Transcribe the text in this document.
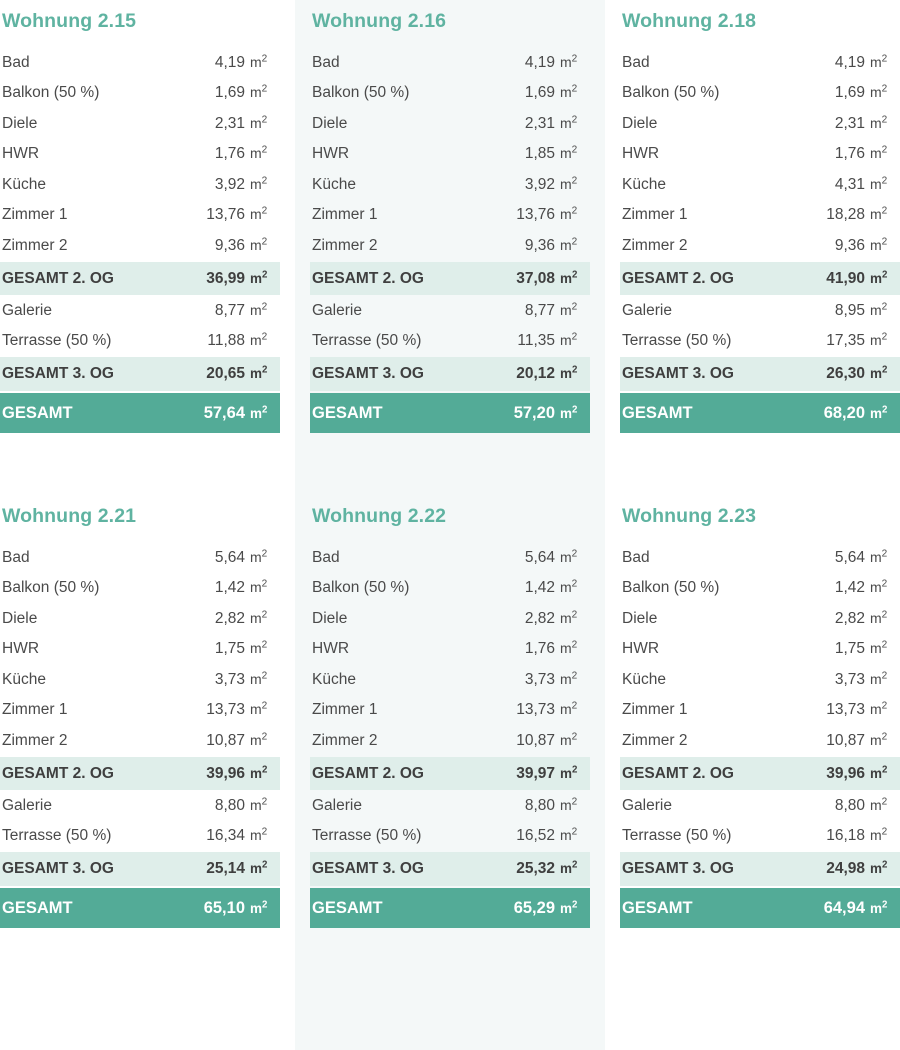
Wohnung 2.15
Bad	4,19 $m^2$
Balkon (50 %)	1,69 $m^2$
Diele	2,31 $m^2$
HWR	1,76 $m^2$
Küche	3,92 $m^2$
Zimmer 1	13,76 $m^2$
Zimmer 2	9,36 $m^2$
GESAMT 2. OG	36,99 $m^2$
Galerie	8,77 $m^2$
Terrasse (50 %)	11,88 $m^2$
GESAMT 3. OG	20,65 $m^2$
GESAMT	57,64 $m^2$
Wohnung 2.16
Bad	4,19 $m^2$
Balkon (50 %)	1,69 $m^2$
Diele	2,31 $m^2$
HWR	1,85 $m^2$
Küche	3,92 $m^2$
Zimmer 1	13,76 $m^2$
Zimmer 2	9,36 $m^2$
GESAMT 2. OG	37,08 $m^2$
Galerie	8,77 $m^2$
Terrasse (50 %)	11,35 $m^2$
GESAMT 3. OG	20,12 $m^2$
GESAMT	57,20 $m^2$
Wohnung 2.18
Bad	4,19 $m^2$
Balkon (50 %)	1,69 $m^2$
Diele	2,31 $m^2$
HWR	1,76 $m^2$
Küche	4,31 $m^2$
Zimmer 1	18,28 $m^2$
Zimmer 2	9,36 $m^2$
GESAMT 2. OG	41,90 $m^2$
Galerie	8,95 $m^2$
Terrasse (50 %)	17,35 $m^2$
GESAMT 3. OG	26,30 $m^2$
GESAMT	68,20 $m^2$
Wohnung 2.21
Bad	5,64 $m^2$
Balkon (50 %)	1,42 $m^2$
Diele	2,82 $m^2$
HWR	1,75 $m^2$
Küche	3,73 $m^2$
Zimmer 1	13,73 $m^2$
Zimmer 2	10,87 $m^2$
GESAMT 2. OG	39,96 $m^2$
Galerie	8,80 $m^2$
Terrasse (50 %)	16,34 $m^2$
GESAMT 3. OG	25,14 $m^2$
GESAMT	65,10 $m^2$
Wohnung 2.22
Bad	5,64 $m^2$
Balkon (50 %)	1,42 $m^2$
Diele	2,82 $m^2$
HWR	1,76 $m^2$
Küche	3,73 $m^2$
Zimmer 1	13,73 $m^2$
Zimmer 2	10,87 $m^2$
GESAMT 2. OG	39,97 $m^2$
Galerie	8,80 $m^2$
Terrasse (50 %)	16,52 $m^2$
GESAMT 3. OG	25,32 $m^2$
GESAMT	65,29 $m^2$
Wohnung 2.23
Bad	5,64 $m^2$
Balkon (50 %)	1,42 $m^2$
Diele	2,82 $m^2$
HWR	1,75 $m^2$
Küche	3,73 $m^2$
Zimmer 1	13,73 $m^2$
Zimmer 2	10,87 $m^2$
GESAMT 2. OG	39,96 $m^2$
Galerie	8,80 $m^2$
Terrasse (50 %)	16,18 $m^2$
GESAMT 3. OG	24,98 $m^2$
GESAMT	64,94 $m^2$
